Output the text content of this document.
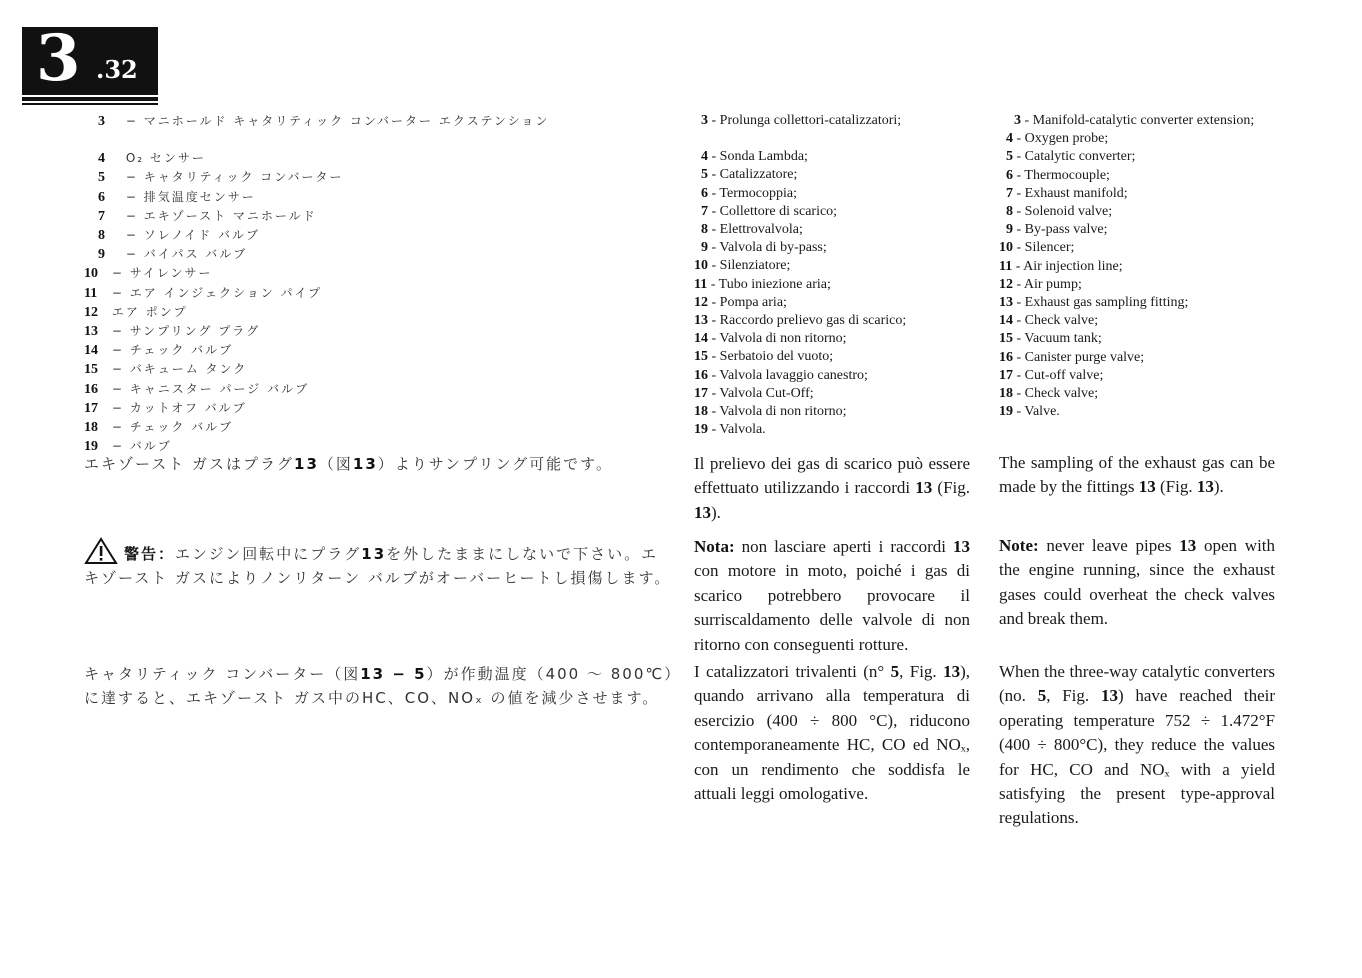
3 .32
3 − マニホールド キャタリティック コンバーター エクステンション
4 O₂ センサー
5 − キャタリティック コンバーター
6 − 排気温度センサー
7 − エキゾースト マニホールド
8 − ソレノイド バルブ
9 − バイパス バルブ
10 − サイレンサー
11 − エア インジェクション パイプ
12 エア ポンプ
13 − サンプリング プラグ
14 − チェック バルブ
15 − バキューム タンク
16 − キャニスター パージ バルブ
17 − カットオフ バルブ
18 − チェック バルブ
19 − バルブ

エキゾースト ガスはプラグ13（図13）よりサンプリング可能です。

警告：エンジン回転中にプラグ13を外したままにしないで下さい。エキゾースト ガスによりノンリターン バルブがオーバーヒートし損傷します。

キャタリティック コンバーター（図13 − 5）が作動温度（400 ～ 800℃）に達すると、エキゾースト ガス中のHC、CO、NOₓ の値を減少させます。

3 - Prolunga collettori-catalizzatori;
4 - Sonda Lambda;
5 - Catalizzatore;
6 - Termocoppia;
7 - Collettore di scarico;
8 - Elettrovalvola;
9 - Valvola di by-pass;
10 - Silenziatore;
11 - Tubo iniezione aria;
12 - Pompa aria;
13 - Raccordo prelievo gas di scarico;
14 - Valvola di non ritorno;
15 - Serbatoio del vuoto;
16 - Valvola lavaggio canestro;
17 - Valvola Cut-Off;
18 - Valvola di non ritorno;
19 - Valvola.

Il prelievo dei gas di scarico può essere effettuato utilizzando i raccordi 13 (Fig. 13).

Nota: non lasciare aperti i raccordi 13 con motore in moto, poiché i gas di scarico potrebbero provocare il surriscaldamento delle valvole di non ritorno con conseguenti rotture.

I catalizzatori trivalenti (n° 5, Fig. 13), quando arrivano alla temperatura di esercizio (400 ÷ 800 °C), riducono contemporaneamente HC, CO ed NOₓ, con un rendimento che soddisfa le attuali leggi omologative.

3 - Manifold-catalytic converter extension;
4 - Oxygen probe;
5 - Catalytic converter;
6 - Thermocouple;
7 - Exhaust manifold;
8 - Solenoid valve;
9 - By-pass valve;
10 - Silencer;
11 - Air injection line;
12 - Air pump;
13 - Exhaust gas sampling fitting;
14 - Check valve;
15 - Vacuum tank;
16 - Canister purge valve;
17 - Cut-off valve;
18 - Check valve;
19 - Valve.

The sampling of the exhaust gas can be made by the fittings 13 (Fig. 13).

Note: never leave pipes 13 open with the engine running, since the exhaust gases could overheat the check valves and break them.

When the three-way catalytic converters (no. 5, Fig. 13) have reached their operating temperature 752 ÷ 1.472°F (400 ÷ 800°C), they reduce the values for HC, CO and NOₓ with a yield satisfying the present type-approval regulations.
